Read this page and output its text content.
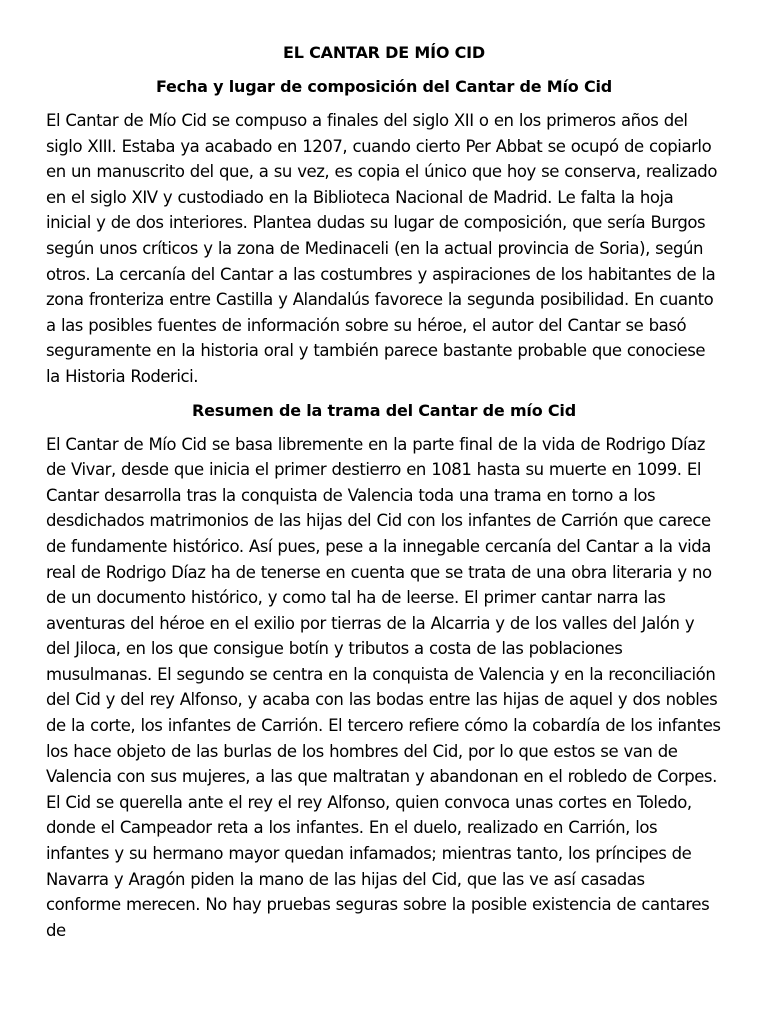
EL CANTAR DE MÍO CID
Fecha y lugar de composición del Cantar de Mío Cid
El Cantar de Mío Cid se compuso a finales del siglo XII o en los primeros años del siglo XIII. Estaba ya acabado en 1207, cuando cierto Per Abbat se ocupó de copiarlo en un manuscrito del que, a su vez, es copia el único que hoy se conserva, realizado en el siglo XIV y custodiado en la Biblioteca Nacional de Madrid. Le falta la hoja inicial y de dos interiores. Plantea dudas su lugar de composición, que sería Burgos según unos críticos y la zona de Medinaceli (en la actual provincia de Soria), según otros. La cercanía del Cantar a las costumbres y aspiraciones de los habitantes de la zona fronteriza entre Castilla y Alandalús favorece la segunda posibilidad. En cuanto a las posibles fuentes de información sobre su héroe, el autor del Cantar se basó seguramente en la historia oral y también parece bastante probable que conociese la Historia Roderici.
Resumen de la trama del Cantar de mío Cid
El Cantar de Mío Cid se basa libremente en la parte final de la vida de Rodrigo Díaz de Vivar, desde que inicia el primer destierro en 1081 hasta su muerte en 1099. El Cantar desarrolla tras la conquista de Valencia toda una trama en torno a los desdichados matrimonios de las hijas del Cid con los infantes de Carrión que carece de fundamente histórico. Así pues, pese a la innegable cercanía del Cantar a la vida real de Rodrigo Díaz ha de tenerse en cuenta que se trata de una obra literaria y no de un documento histórico, y como tal ha de leerse. El primer cantar narra las aventuras del héroe en el exilio por tierras de la Alcarria y de los valles del Jalón y del Jiloca, en los que consigue botín y tributos a costa de las poblaciones musulmanas. El segundo se centra en la conquista de Valencia y en la reconciliación del Cid y del rey Alfonso, y acaba con las bodas entre las hijas de aquel y dos nobles de la corte, los infantes de Carrión. El tercero refiere cómo la cobardía de los infantes los hace objeto de las burlas de los hombres del Cid, por lo que estos se van de Valencia con sus mujeres, a las que maltratan y abandonan en el robledo de Corpes. El Cid se querella ante el rey el rey Alfonso, quien convoca unas cortes en Toledo, donde el Campeador reta a los infantes. En el duelo, realizado en Carrión, los infantes y su hermano mayor quedan infamados; mientras tanto, los príncipes de Navarra y Aragón piden la mano de las hijas del Cid, que las ve así casadas conforme merecen. No hay pruebas seguras sobre la posible existencia de cantares de
